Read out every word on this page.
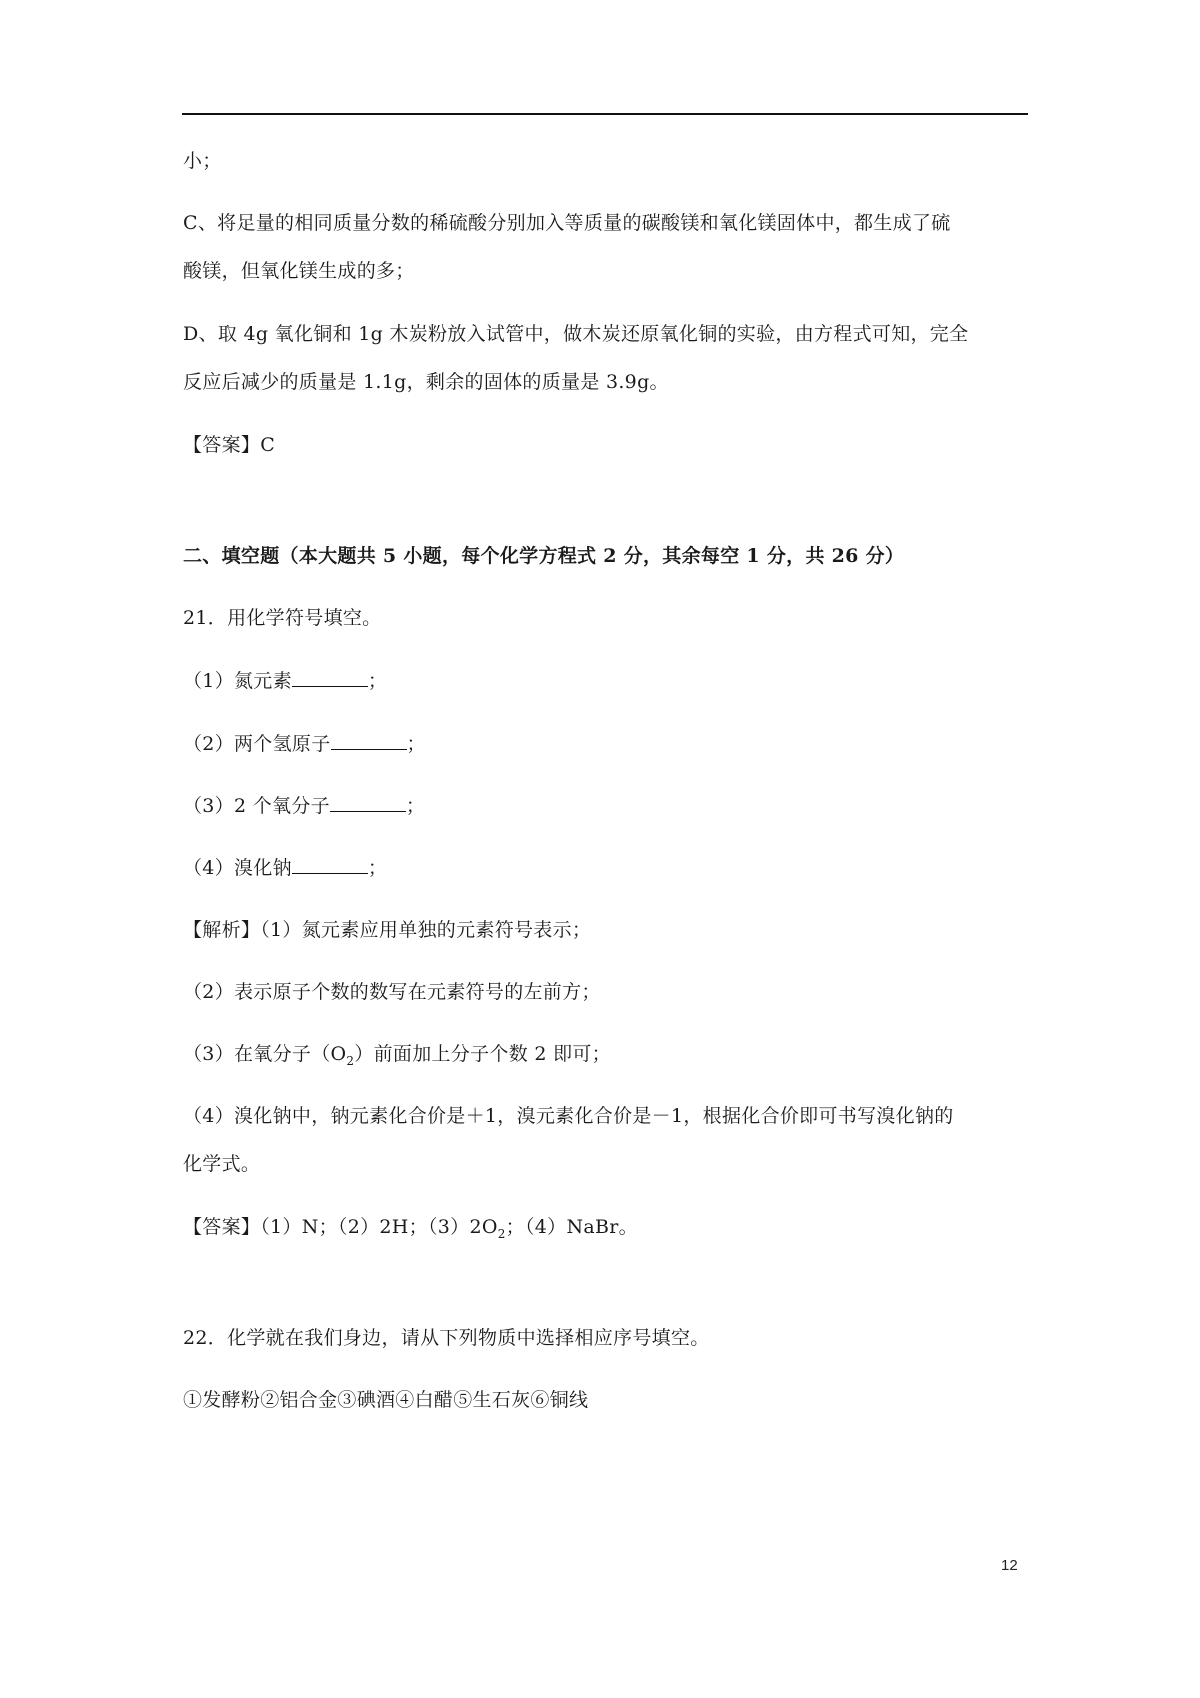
小；
C、将足量的相同质量分数的稀硫酸分别加入等质量的碳酸镁和氧化镁固体中，都生成了硫
酸镁，但氧化镁生成的多；
D、取 4g 氧化铜和 1g 木炭粉放入试管中，做木炭还原氧化铜的实验，由方程式可知，完全
反应后减少的质量是 1.1g，剩余的固体的质量是 3.9g。
【答案】C
二、填空题（本大题共 5 小题，每个化学方程式 2 分，其余每空 1 分，共 26 分）
21．用化学符号填空。
（1）氮元素	；
（2）两个氢原子	；
（3）2 个氧分子	；
（4）溴化钠	；
【解析】（1）氮元素应用单独的元素符号表示；
（2）表示原子个数的数写在元素符号的左前方；
（3）在氧分子$(O_2)$前面加上分子个数 2 即可；
（4）溴化钠中，钠元素化合价是＋1，溴元素化合价是－1，根据化合价即可书写溴化钠的
化学式。
【答案】（1）N；（2）2H；$(3)2O_2$；（4）NaBr。
22．化学就在我们身边，请从下列物质中选择相应序号填空。
①发酵粉②铝合金③碘酒④白醋⑤生石灰⑥铜线
12
